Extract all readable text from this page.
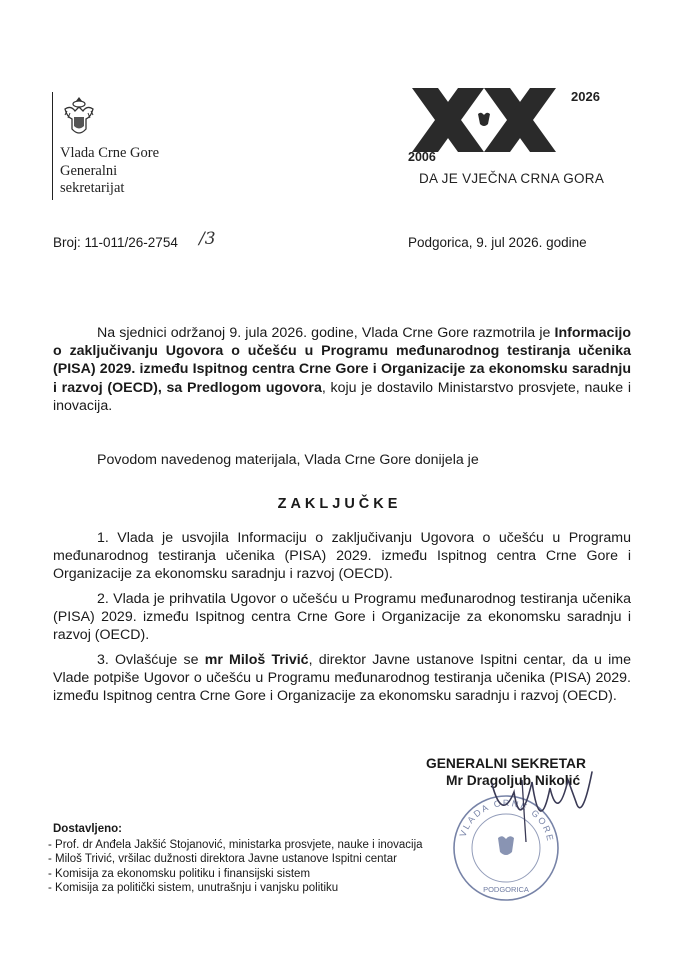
Vlada Crne Gore
Generalni
sekretarijat
2026
2006
DA JE VJEČNA CRNA GORA
Broj: 11-011/26-2754 /3	Podgorica, 9. jul 2026. godine
Na sjednici održanoj 9. jula 2026. godine, Vlada Crne Gore razmotrila je Informacijo o zaključivanju Ugovora o učešću u Programu međunarodnog testiranja učenika (PISA) 2029. između Ispitnog centra Crne Gore i Organizacije za ekonomsku saradnju i razvoj (OECD), sa Predlogom ugovora, koju je dostavilo Ministarstvo prosvjete, nauke i inovacija.
Povodom navedenog materijala, Vlada Crne Gore donijela je
ZAKLJUČKE
1. Vlada je usvojila Informaciju o zaključivanju Ugovora o učešću u Programu međunarodnog testiranja učenika (PISA) 2029. između Ispitnog centra Crne Gore i Organizacije za ekonomsku saradnju i razvoj (OECD).
2. Vlada je prihvatila Ugovor o učešću u Programu međunarodnog testiranja učenika (PISA) 2029. između Ispitnog centra Crne Gore i Organizacije za ekonomsku saradnju i razvoj (OECD).
3. Ovlašćuje se mr Miloš Trivić, direktor Javne ustanove Ispitni centar, da u ime Vlade potpiše Ugovor o učešću u Programu međunarodnog testiranja učenika (PISA) 2029. između Ispitnog centra Crne Gore i Organizacije za ekonomsku saradnju i razvoj (OECD).
VLADA CRNE GORE
PODGORICA
GENERALNI SEKRETAR
Mr Dragoljub Nikolić
Dostavljeno:
- Prof. dr Anđela Jakšić Stojanović, ministarka prosvjete, nauke i inovacija
- Miloš Trivić, vršilac dužnosti direktora Javne ustanove Ispitni centar
- Komisija za ekonomsku politiku i finansijski sistem
- Komisija za politički sistem, unutrašnju i vanjsku politiku
